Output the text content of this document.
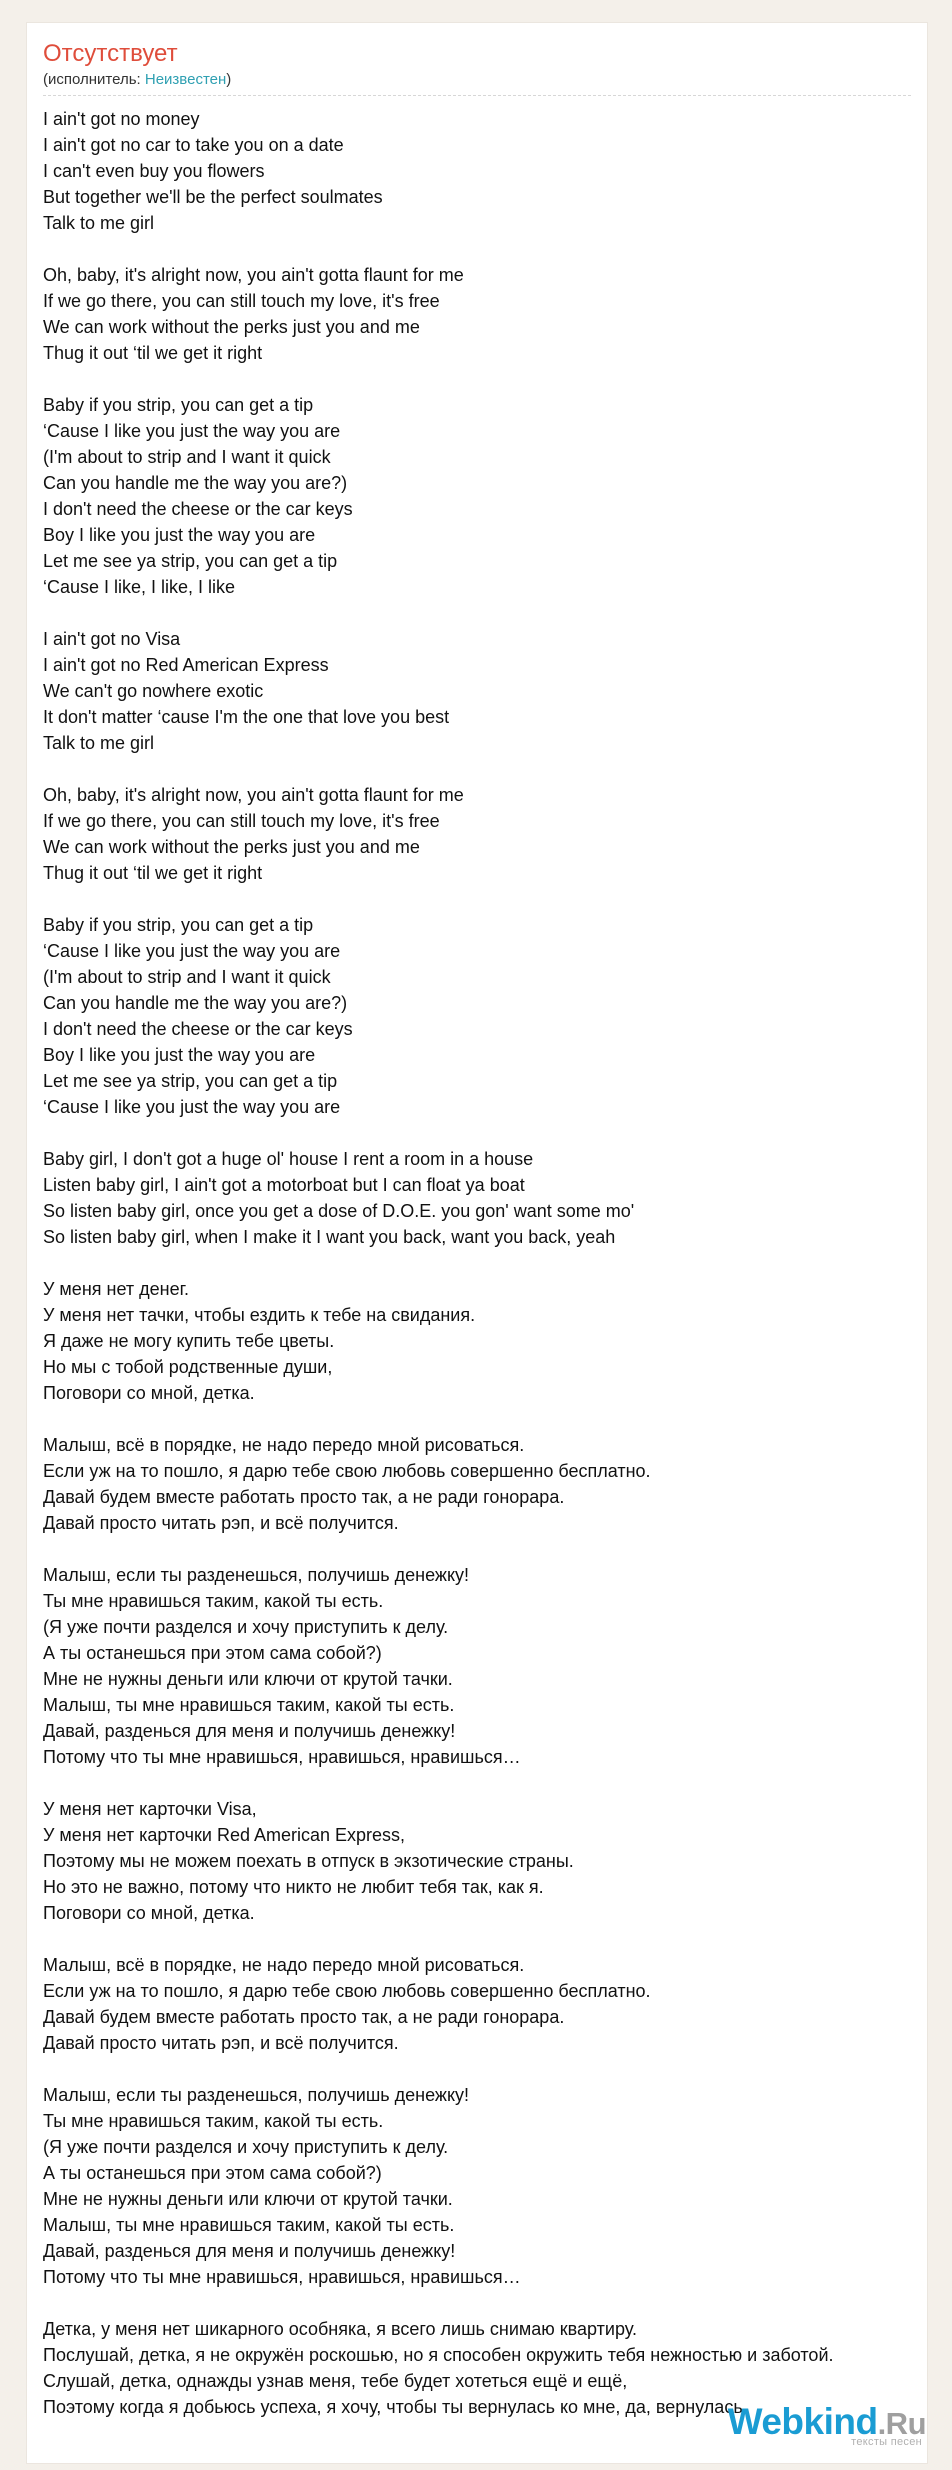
Отсутствует
(исполнитель: Неизвестен)
I ain't got no money
I ain't got no car to take you on a date
I can't even buy you flowers
But together we'll be the perfect soulmates
Talk to me girl

Oh, baby, it's alright now, you ain't gotta flaunt for me
If we go there, you can still touch my love, it's free
We can work without the perks just you and me
Thug it out ‘til we get it right

Baby if you strip, you can get a tip
‘Cause I like you just the way you are
(I'm about to strip and I want it quick
Can you handle me the way you are?)
I don't need the cheese or the car keys
Boy I like you just the way you are
Let me see ya strip, you can get a tip
‘Cause I like, I like, I like

I ain't got no Visa
I ain't got no Red American Express
We can't go nowhere exotic
It don't matter ‘cause I'm the one that love you best
Talk to me girl

Oh, baby, it's alright now, you ain't gotta flaunt for me
If we go there, you can still touch my love, it's free
We can work without the perks just you and me
Thug it out ‘til we get it right

Baby if you strip, you can get a tip
‘Cause I like you just the way you are
(I'm about to strip and I want it quick
Can you handle me the way you are?)
I don't need the cheese or the car keys
Boy I like you just the way you are
Let me see ya strip, you can get a tip
‘Cause I like you just the way you are

Baby girl, I don't got a huge ol' house I rent a room in a house
Listen baby girl, I ain't got a motorboat but I can float ya boat
So listen baby girl, once you get a dose of D.O.E. you gon' want some mo'
So listen baby girl, when I make it I want you back, want you back, yeah

У меня нет денег.
У меня нет тачки, чтобы ездить к тебе на свидания.
Я даже не могу купить тебе цветы.
Но мы с тобой родственные души,
Поговори со мной, детка.

Малыш, всё в порядке, не надо передо мной рисоваться.
Если уж на то пошло, я дарю тебе свою любовь совершенно бесплатно.
Давай будем вместе работать просто так, а не ради гонорара.
Давай просто читать рэп, и всё получится.

Малыш, если ты разденешься, получишь денежку!
Ты мне нравишься таким, какой ты есть.
(Я уже почти разделся и хочу приступить к делу.
А ты останешься при этом сама собой?)
Мне не нужны деньги или ключи от крутой тачки.
Малыш, ты мне нравишься таким, какой ты есть.
Давай, разденься для меня и получишь денежку!
Потому что ты мне нравишься, нравишься, нравишься…

У меня нет карточки Visa,
У меня нет карточки Red American Express,
Поэтому мы не можем поехать в отпуск в экзотические страны.
Но это не важно, потому что никто не любит тебя так, как я.
Поговори со мной, детка.

Малыш, всё в порядке, не надо передо мной рисоваться.
Если уж на то пошло, я дарю тебе свою любовь совершенно бесплатно.
Давай будем вместе работать просто так, а не ради гонорара.
Давай просто читать рэп, и всё получится.

Малыш, если ты разденешься, получишь денежку!
Ты мне нравишься таким, какой ты есть.
(Я уже почти разделся и хочу приступить к делу.
А ты останешься при этом сама собой?)
Мне не нужны деньги или ключи от крутой тачки.
Малыш, ты мне нравишься таким, какой ты есть.
Давай, разденься для меня и получишь денежку!
Потому что ты мне нравишься, нравишься, нравишься…

Детка, у меня нет шикарного особняка, я всего лишь снимаю квартиру.
Послушай, детка, я не окружён роскошью, но я способен окружить тебя нежностью и заботой.
Слушай, детка, однажды узнав меня, тебе будет хотеться ещё и ещё,
Поэтому когда я добьюсь успеха, я хочу, чтобы ты вернулась ко мне, да, вернулась.
Webkind.Ru
тексты песен
